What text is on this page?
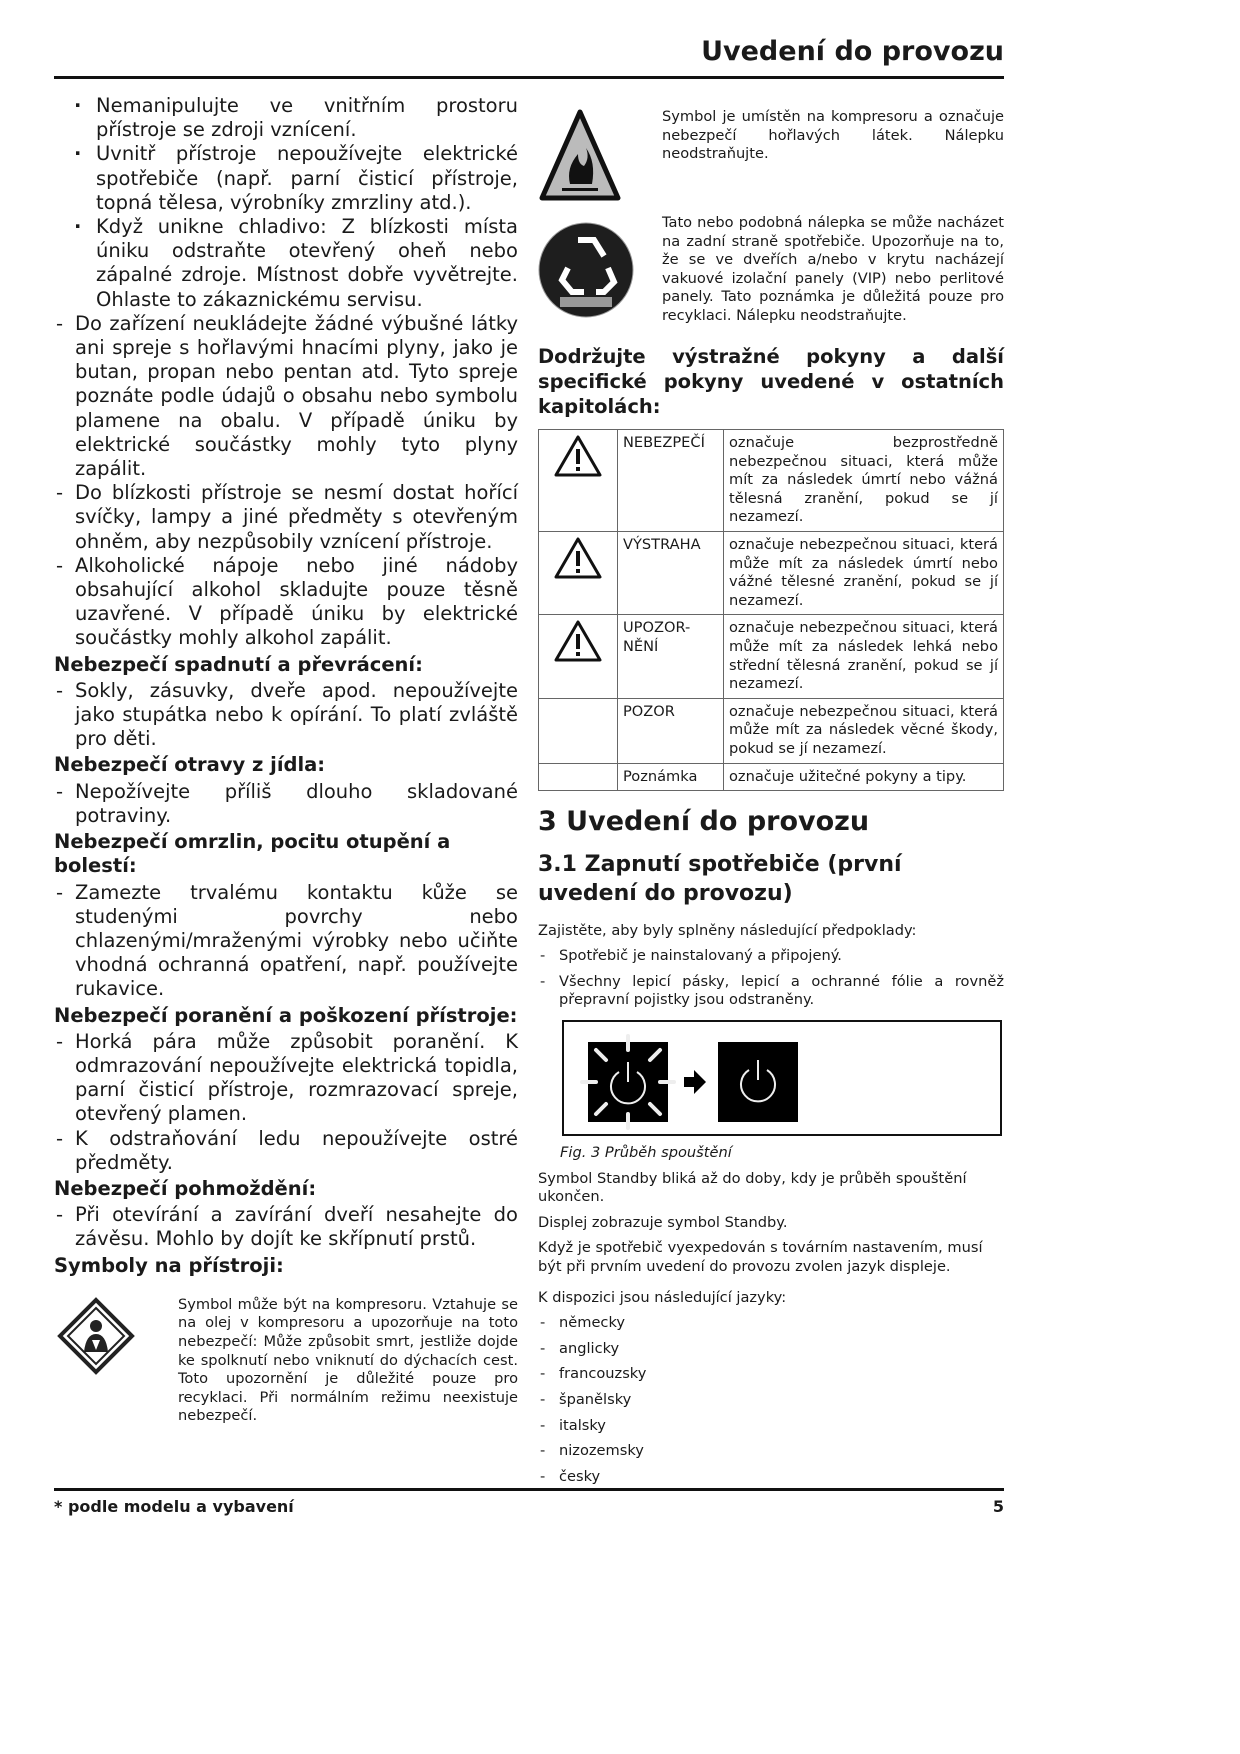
Uvedení do provozu

· Nemanipulujte ve vnitřním prostoru přístroje se zdroji vznícení.

· Uvnitř přístroje nepoužívejte elektrické spotřebiče (např. parní čisticí přístroje, topná tělesa, výrobníky zmrzliny atd.).

· Když unikne chladivo: Z blízkosti místa úniku odstraňte otevřený oheň nebo zápalné zdroje. Místnost dobře vyvětrejte. Ohlaste to zákaznickému servisu.

- Do zařízení neukládejte žádné výbušné látky ani spreje s hořlavými hnacími plyny, jako je butan, propan nebo pentan atd. Tyto spreje poznáte podle údajů o obsahu nebo symbolu plamene na obalu. V případě úniku by elektrické součástky mohly tyto plyny zapálit.

- Do blízkosti přístroje se nesmí dostat hořící svíčky, lampy a jiné předměty s otevřeným ohněm, aby nezpůsobily vznícení přístroje.

- Alkoholické nápoje nebo jiné nádoby obsahující alkohol skladujte pouze těsně uzavřené. V případě úniku by elektrické součástky mohly alkohol zapálit.

Nebezpečí spadnutí a převrácení:

- Sokly, zásuvky, dveře apod. nepoužívejte jako stupátka nebo k opírání. To platí zvláště pro děti.

Nebezpečí otravy z jídla:

- Nepožívejte příliš dlouho skladované potraviny.

Nebezpečí omrzlin, pocitu otupění a bolestí:

- Zamezte trvalému kontaktu kůže se studenými povrchy nebo chlazenými/mraženými výrobky nebo učiňte vhodná ochranná opatření, např. používejte rukavice.

Nebezpečí poranění a poškození přístroje:

- Horká pára může způsobit poranění. K odmrazování nepoužívejte elektrická topidla, parní čisticí přístroje, rozmrazovací spreje, otevřený plamen.

- K odstraňování ledu nepoužívejte ostré předměty.

Nebezpečí pohmoždění:

- Při otevírání a zavírání dveří nesahejte do závěsu. Mohlo by dojít ke skřípnutí prstů.

Symboly na přístroji:
Symbol může být na kompresoru. Vztahuje se na olej v kompresoru a upozorňuje na toto nebezpečí: Může způsobit smrt, jestliže dojde ke spolknutí nebo vniknutí do dýchacích cest. Toto upozornění je důležité pouze pro recyklaci. Při normálním režimu neexistuje nebezpečí.
Symbol je umístěn na kompresoru a označuje nebezpečí hořlavých látek. Nálepku neodstraňujte.
Tato nebo podobná nálepka se může nacházet na zadní straně spotřebiče. Upozorňuje na to, že se ve dveřích a/nebo v krytu nacházejí vakuové izolační panely (VIP) nebo perlitové panely. Tato poznámka je důležitá pouze pro recyklaci. Nálepku neodstraňujte.
Dodržujte výstražné pokyny a další specifické pokyny uvedené v ostatních kapitolách:
	NEBEZPEČÍ	označuje bezprostředně nebezpečnou situaci, která může mít za následek úmrtí nebo vážná tělesná zranění, pokud se jí nezamezí.
	VÝSTRAHA	označuje nebezpečnou situaci, která může mít za následek úmrtí nebo vážné tělesné zranění, pokud se jí nezamezí.
	UPOZOR-NĚNÍ	označuje nebezpečnou situaci, která může mít za následek lehká nebo střední tělesná zranění, pokud se jí nezamezí.
	POZOR	označuje nebezpečnou situaci, která může mít za následek věcné škody, pokud se jí nezamezí.
	Poznámka	označuje užitečné pokyny a tipy.
3 Uvedení do provozu
3.1 Zapnutí spotřebiče (první uvedení do provozu)

Zajistěte, aby byly splněny následující předpoklady:

- Spotřebič je nainstalovaný a připojený.

- Všechny lepicí pásky, lepicí a ochranné fólie a rovněž přepravní pojistky jsou odstraněny.

Fig. 3 Průběh spouštění

Symbol Standby bliká až do doby, kdy je průběh spouštění ukončen.

Displej zobrazuje symbol Standby.

Když je spotřebič vyexpedován s továrním nastavením, musí být při prvním uvedení do provozu zvolen jazyk displeje.

K dispozici jsou následující jazyky:

- německy

- anglicky

- francouzsky

- španělsky

- italsky

- nizozemsky

- česky

* podle modelu a vybavení	5
